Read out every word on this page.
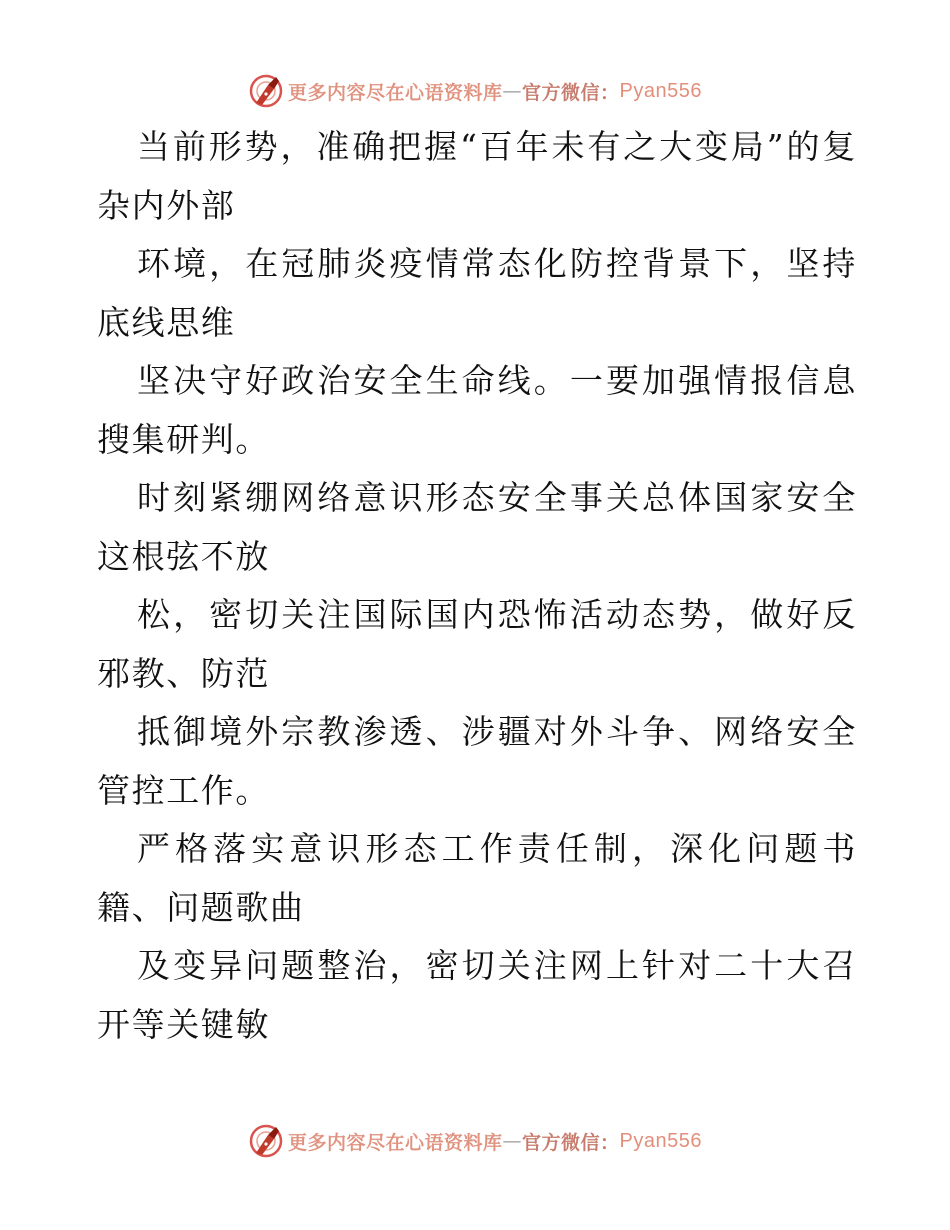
更多内容尽在心语资料库 — 官方微信： Pyan556

当前形势，准确把握“百年未有之大变局”的复杂内外部

环境，在冠肺炎疫情常态化防控背景下，坚持底线思维

坚决守好政治安全生命线。一要加强情报信息搜集研判。

时刻紧绷网络意识形态安全事关总体国家安全这根弦不放

松，密切关注国际国内恐怖活动态势，做好反邪教、防范

抵御境外宗教渗透、涉疆对外斗争、网络安全管控工作。

严格落实意识形态工作责任制，深化问题书籍、问题歌曲

及变异问题整治，密切关注网上针对二十大召开等关键敏

更多内容尽在心语资料库 — 官方微信： Pyan556
